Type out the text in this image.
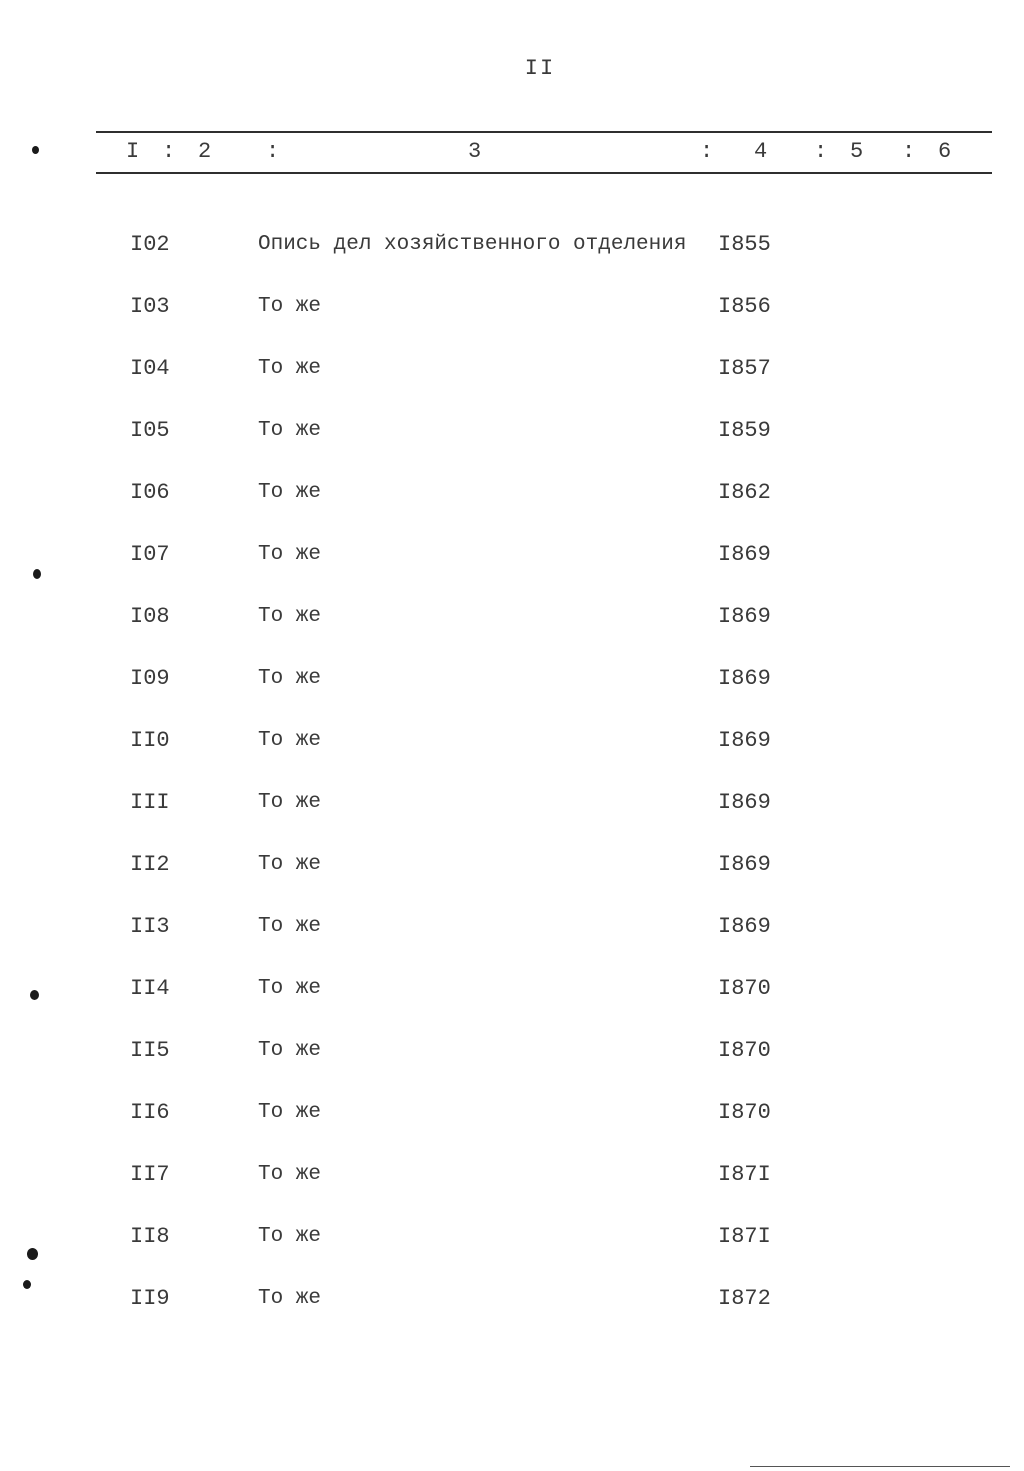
II
I : 2 :	3	: 4 : 5 : 6
I02	Опись дел хозяйственного отделения I855
I03	То же	I856
I04	То же	I857
I05	То же	I859
I06	То же	I862
I07	То же	I869
I08	То же	I869
I09	То же	I869
II0	То же	I869
III	То же	I869
II2	То же	I869
II3	То же	I869
II4	То же	I870
II5	То же	I870
II6	То же	I870
II7	То же	I87I
II8	То же	I87I
II9	То же	I872
